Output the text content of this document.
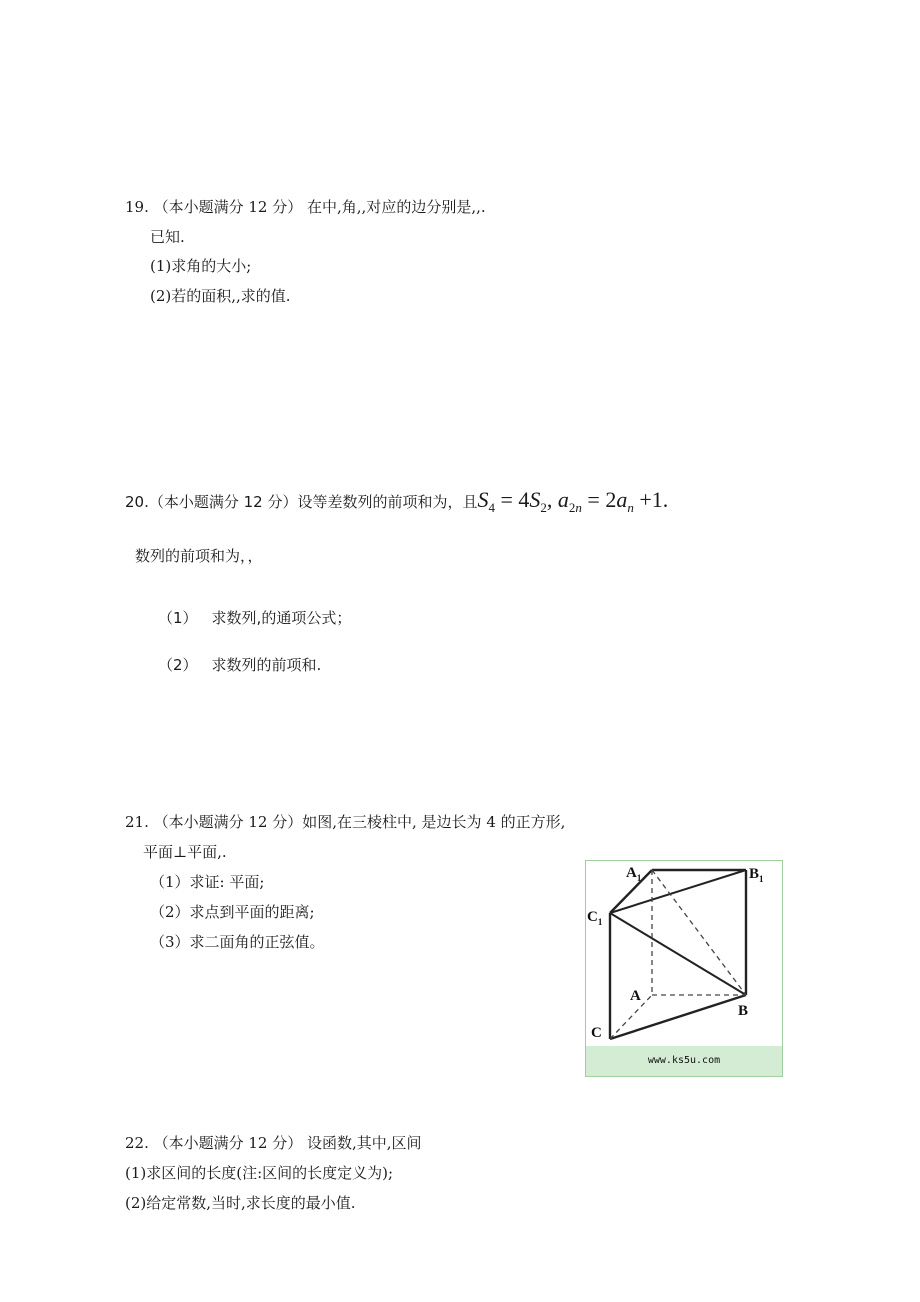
19. （本小题满分 12 分） 在中,角,,对应的边分别是,,.
已知.
(1)求角的大小;
(2)若的面积,,求的值.
20.（本小题满分 12 分）设等差数列的前项和为，且$S_4 = 4S_2$, $a_{2n} = 2a_n +1$.
数列的前项和为，，
（1） 求数列,的通项公式；
（2） 求数列的前项和.
21. （本小题满分 12 分）如图,在三棱柱中, 是边长为 4 的正方形,
平面⊥平面,.
（1）求证: 平面;
（2）求点到平面的距离;
（3）求二面角的正弦值。
$A_1$	$B_1$
$C_1$
A
B
C
www.ks5u.com
22. （本小题满分 12 分） 设函数,其中,区间
(1)求区间的长度(注:区间的长度定义为);
(2)给定常数,当时,求长度的最小值.
